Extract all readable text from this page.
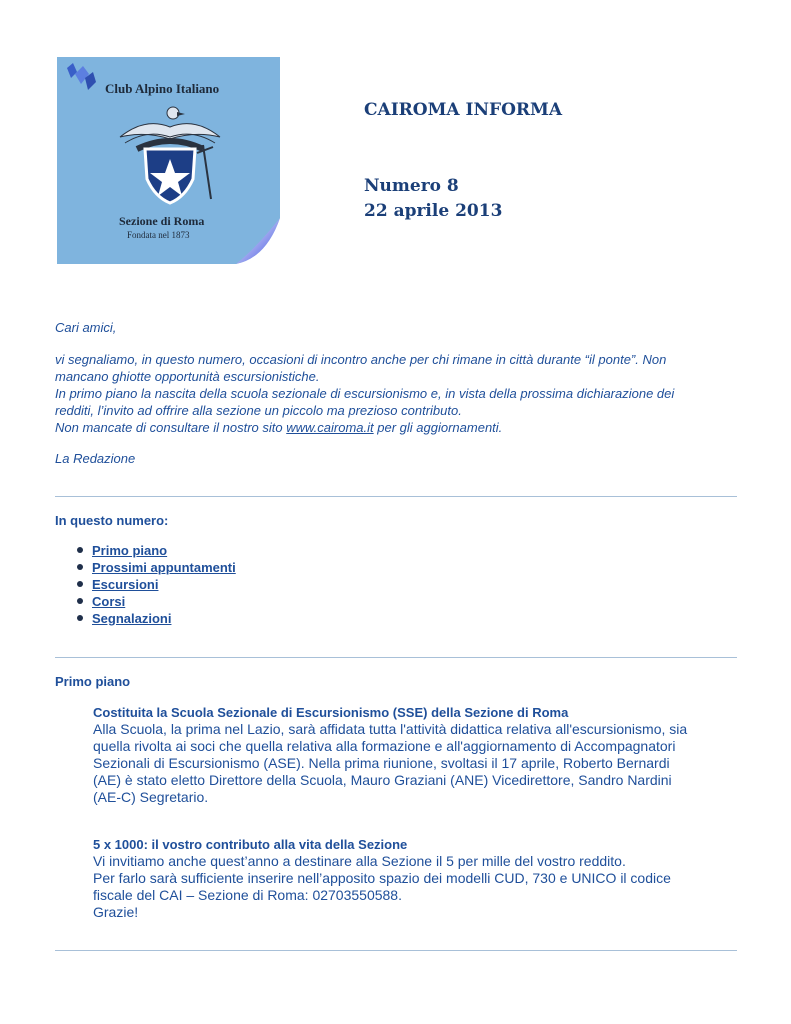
Club Alpino Italiano
Sezione di Roma
Fondata nel 1873
CAIROMA INFORMA
Numero 8
22 aprile 2013
Cari amici,
vi segnaliamo, in questo numero, occasioni di incontro anche per chi rimane in città durante “il ponte”. Non
mancano ghiotte opportunità escursionistiche.
In primo piano la nascita della scuola sezionale di escursionismo e, in vista della prossima dichiarazione dei
redditi, l’invito ad offrire alla sezione un piccolo ma prezioso contributo.
Non mancate di consultare il nostro sito www.cairoma.it per gli aggiornamenti.
La Redazione
In questo numero:
Primo piano
Prossimi appuntamenti
Escursioni
Corsi
Segnalazioni
Primo piano
Costituita la Scuola Sezionale di Escursionismo (SSE) della Sezione di Roma
Alla Scuola, la prima nel Lazio, sarà affidata tutta l'attività didattica relativa all'escursionismo, sia
quella rivolta ai soci che quella relativa alla formazione e all'aggiornamento di Accompagnatori
Sezionali di Escursionismo (ASE). Nella prima riunione, svoltasi il 17 aprile, Roberto Bernardi
(AE) è stato eletto Direttore della Scuola, Mauro Graziani (ANE) Vicedirettore, Sandro Nardini
(AE-C) Segretario.
5 x 1000: il vostro contributo alla vita della Sezione
Vi invitiamo anche quest’anno a destinare alla Sezione il 5 per mille del vostro reddito.
Per farlo sarà sufficiente inserire nell’apposito spazio dei modelli CUD, 730 e UNICO il codice
fiscale del CAI – Sezione di Roma: 02703550588.
Grazie!
